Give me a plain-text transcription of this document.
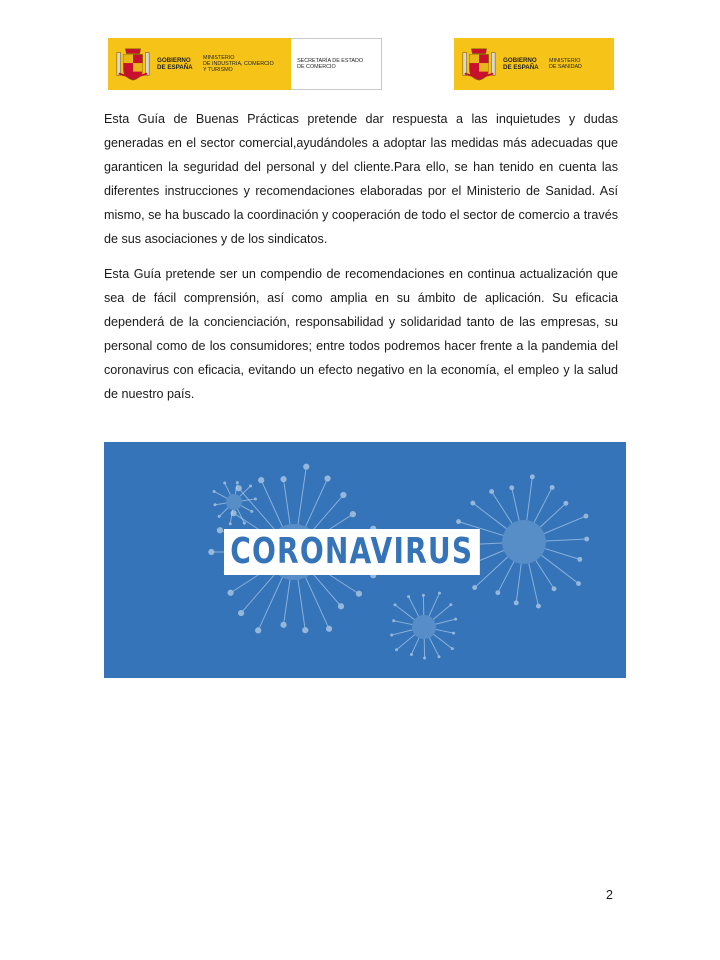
GOBIERNO
DE ESPAÑA
MINISTERIO
DE INDUSTRIA, COMERCIO
Y TURISMO
SECRETARÍA DE ESTADO
DE COMERCIO
GOBIERNO
DE ESPAÑA
MINISTERIO
DE SANIDAD

Esta Guía de Buenas Prácticas pretende dar respuesta a las inquietudes y dudas generadas en el sector comercial,ayudándoles a adoptar las medidas más adecuadas que garanticen la seguridad del personal y del cliente.Para ello, se han tenido en cuenta las diferentes instrucciones y recomendaciones elaboradas por el Ministerio de Sanidad. Así mismo, se ha buscado la coordinación y cooperación de todo el sector de comercio a través de sus asociaciones y de los sindicatos.

Esta Guía pretende ser un compendio de recomendaciones en continua actualización que sea de fácil comprensión, así como amplia en su ámbito de aplicación. Su eficacia dependerá de la concienciación, responsabilidad y solidaridad tanto de las empresas, su personal como de los consumidores; entre todos podremos hacer frente a la pandemia del coronavirus con eficacia, evitando un efecto negativo en la economía, el empleo y la salud de nuestro país.

CORONAVIRUS
2
